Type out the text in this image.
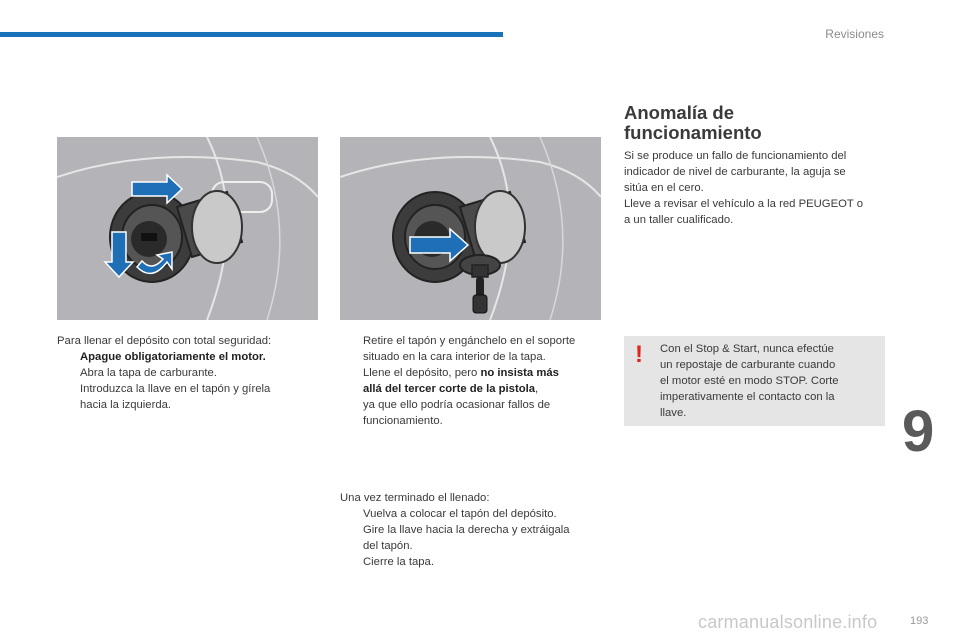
Revisiones
Para llenar el depósito con total seguridad:
Apague obligatoriamente el motor.
Abra la tapa de carburante.
Introduzca la llave en el tapón y gírela
hacia la izquierda.
Retire el tapón y engánchelo en el soporte
situado en la cara interior de la tapa.
Llene el depósito, pero no insista más
allá del tercer corte de la pistola,
ya que ello podría ocasionar fallos de
funcionamiento.
Una vez terminado el llenado:
Vuelva a colocar el tapón del depósito.
Gire la llave hacia la derecha y extráigala
del tapón.
Cierre la tapa.
Anomalía de
funcionamiento
Si se produce un fallo de funcionamiento del
indicador de nivel de carburante, la aguja se
sitúa en el cero.
Lleve a revisar el vehículo a la red PEUGEOT o
a un taller cualificado.
! Con el Stop & Start, nunca efectúe
un repostaje de carburante cuando
el motor esté en modo STOP. Corte
imperativamente el contacto con la
llave.	9
carmanualsonline.info	193
